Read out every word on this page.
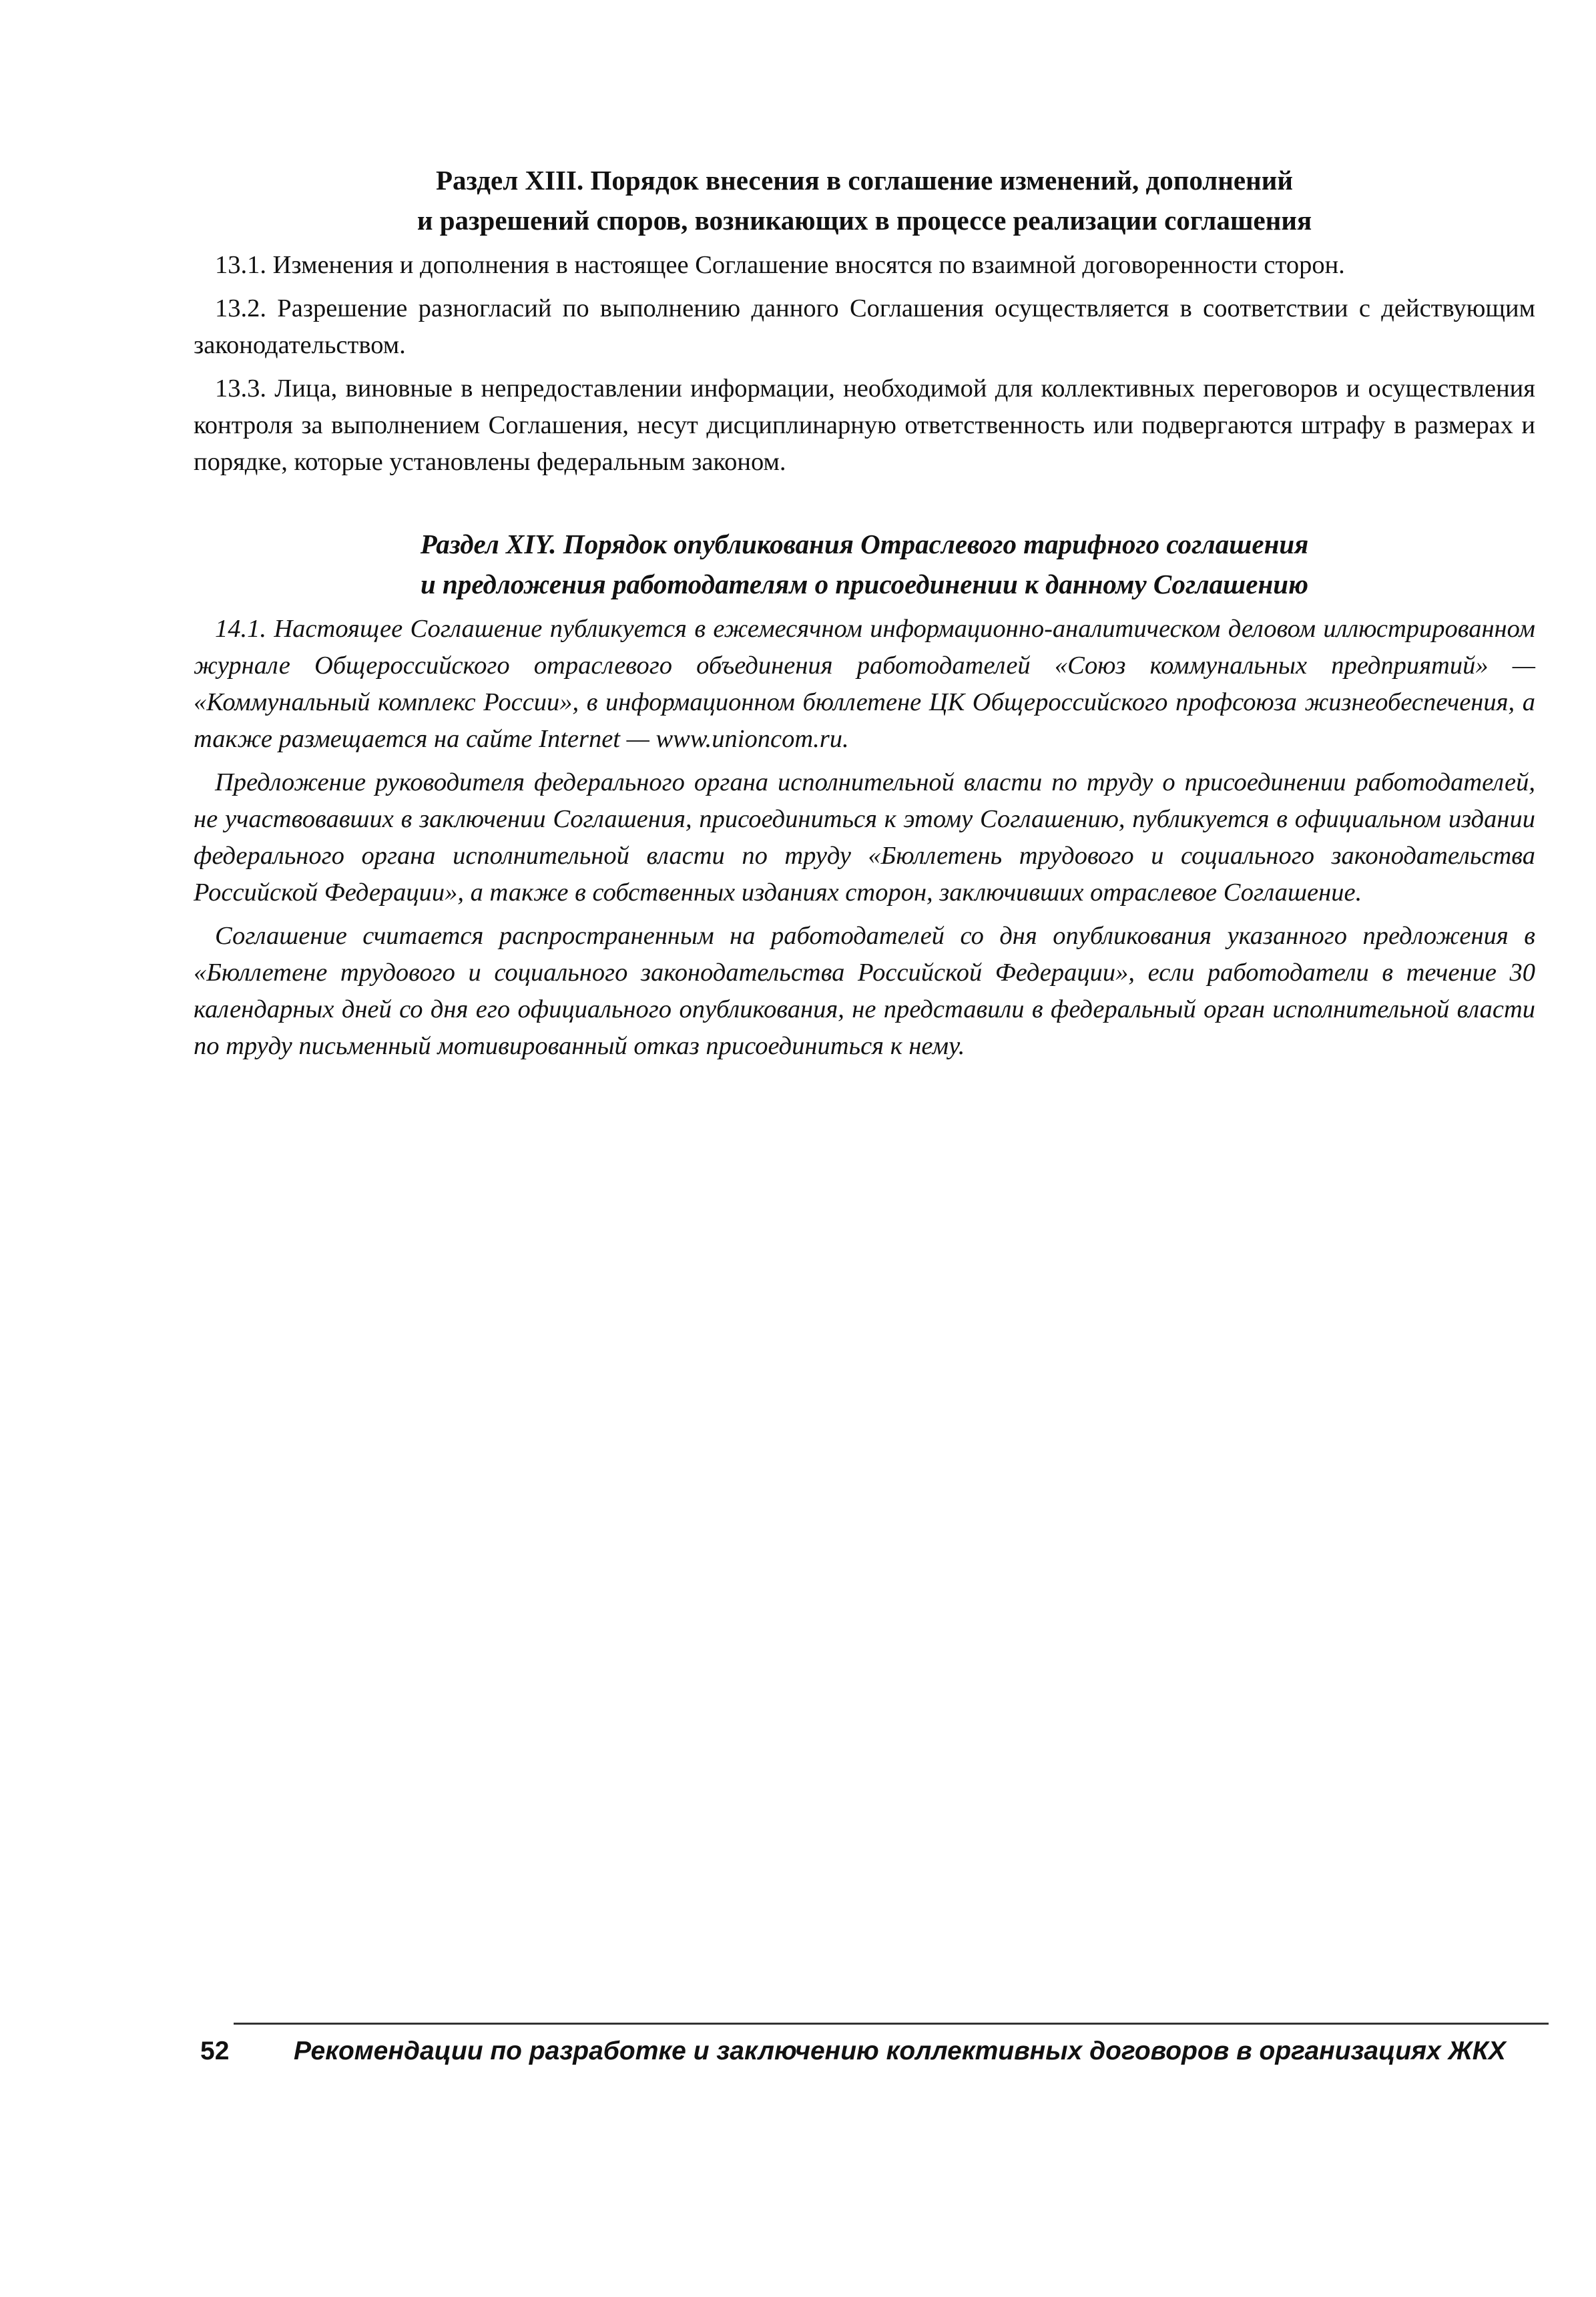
Раздел XIII. Порядок внесения в соглашение изменений, дополнений
и разрешений споров, возникающих в процессе реализации соглашения

13.1. Изменения и дополнения в настоящее Соглашение вносятся по взаимной договоренности сторон.

13.2. Разрешение разногласий по выполнению данного Соглашения осуществляется в соответствии с действующим законодательством.

13.3. Лица, виновные в непредоставлении информации, необходимой для коллективных переговоров и осуществления контроля за выполнением Соглашения, несут дисциплинарную ответственность или подвергаются штрафу в размерах и порядке, которые установлены федеральным законом.

Раздел XIY. Порядок опубликования Отраслевого тарифного соглашения
и предложения работодателям о присоединении к данному Соглашению

14.1. Настоящее Соглашение публикуется в ежемесячном информационно-аналитическом деловом иллюстрированном журнале Общероссийского отраслевого объединения работодателей «Союз коммунальных предприятий» — «Коммунальный комплекс России», в информационном бюллетене ЦК Общероссийского профсоюза жизнеобеспечения, а также размещается на сайте Internet — www.unioncom.ru.

Предложение руководителя федерального органа исполнительной власти по труду о присоединении работодателей, не участвовавших в заключении Соглашения, присоединиться к этому Соглашению, публикуется в официальном издании федерального органа исполнительной власти по труду «Бюллетень трудового и социального законодательства Российской Федерации», а также в собственных изданиях сторон, заключивших отраслевое Соглашение.

Соглашение считается распространенным на работодателей со дня опубликования указанного предложения в «Бюллетене трудового и социального законодательства Российской Федерации», если работодатели в течение 30 календарных дней со дня его официального опубликования, не представили в федеральный орган исполнительной власти по труду письменный мотивированный отказ присоединиться к нему.

52	Рекомендации по разработке и заключению коллективных договоров в организациях ЖКХ
